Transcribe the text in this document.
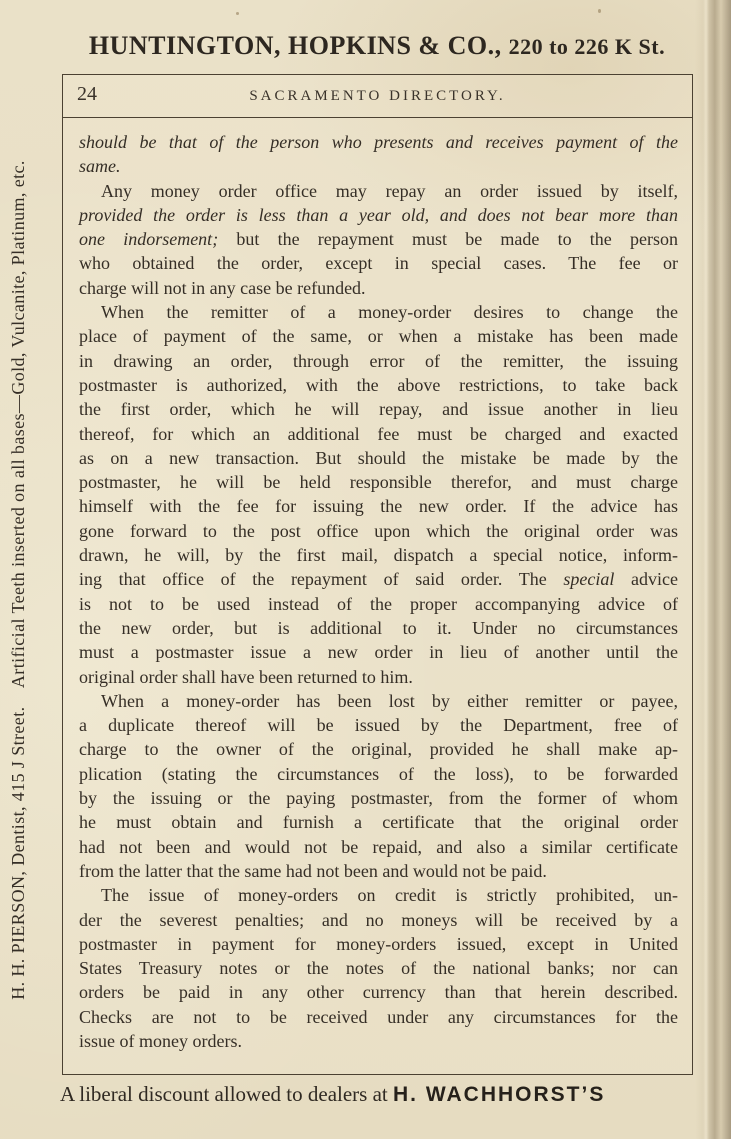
HUNTINGTON, HOPKINS & CO., 220 to 226 K St.
24	SACRAMENTO DIRECTORY.
should be that of the person who presents and receives payment of the
same.
Any money order office may repay an order issued by itself,
provided the order is less than a year old, and does not bear more than
one indorsement; but the repayment must be made to the person
who obtained the order, except in special cases. The fee or
charge will not in any case be refunded.
When the remitter of a money-order desires to change the
place of payment of the same, or when a mistake has been made
in drawing an order, through error of the remitter, the issuing
postmaster is authorized, with the above restrictions, to take back
the first order, which he will repay, and issue another in lieu
thereof, for which an additional fee must be charged and exacted
as on a new transaction. But should the mistake be made by the
postmaster, he will be held responsible therefor, and must charge
himself with the fee for issuing the new order. If the advice has
gone forward to the post office upon which the original order was
drawn, he will, by the first mail, dispatch a special notice, inform-
ing that office of the repayment of said order. The special advice
is not to be used instead of the proper accompanying advice of
the new order, but is additional to it. Under no circumstances
must a postmaster issue a new order in lieu of another until the
original order shall have been returned to him.
When a money-order has been lost by either remitter or payee,
a duplicate thereof will be issued by the Department, free of
charge to the owner of the original, provided he shall make ap-
plication (stating the circumstances of the loss), to be forwarded
by the issuing or the paying postmaster, from the former of whom
he must obtain and furnish a certificate that the original order
had not been and would not be repaid, and also a similar certificate
from the latter that the same had not been and would not be paid.
The issue of money-orders on credit is strictly prohibited, un-
der the severest penalties; and no moneys will be received by a
postmaster in payment for money-orders issued, except in United
States Treasury notes or the notes of the national banks; nor can
orders be paid in any other currency than that herein described.
Checks are not to be received under any circumstances for the
issue of money orders.
H. H. PIERSON, Dentist, 415 J Street. Artificial Teeth inserted on all bases—Gold, Vulcanite, Platinum, etc.
A liberal discount allowed to dealers at H. WACHHORST’S
